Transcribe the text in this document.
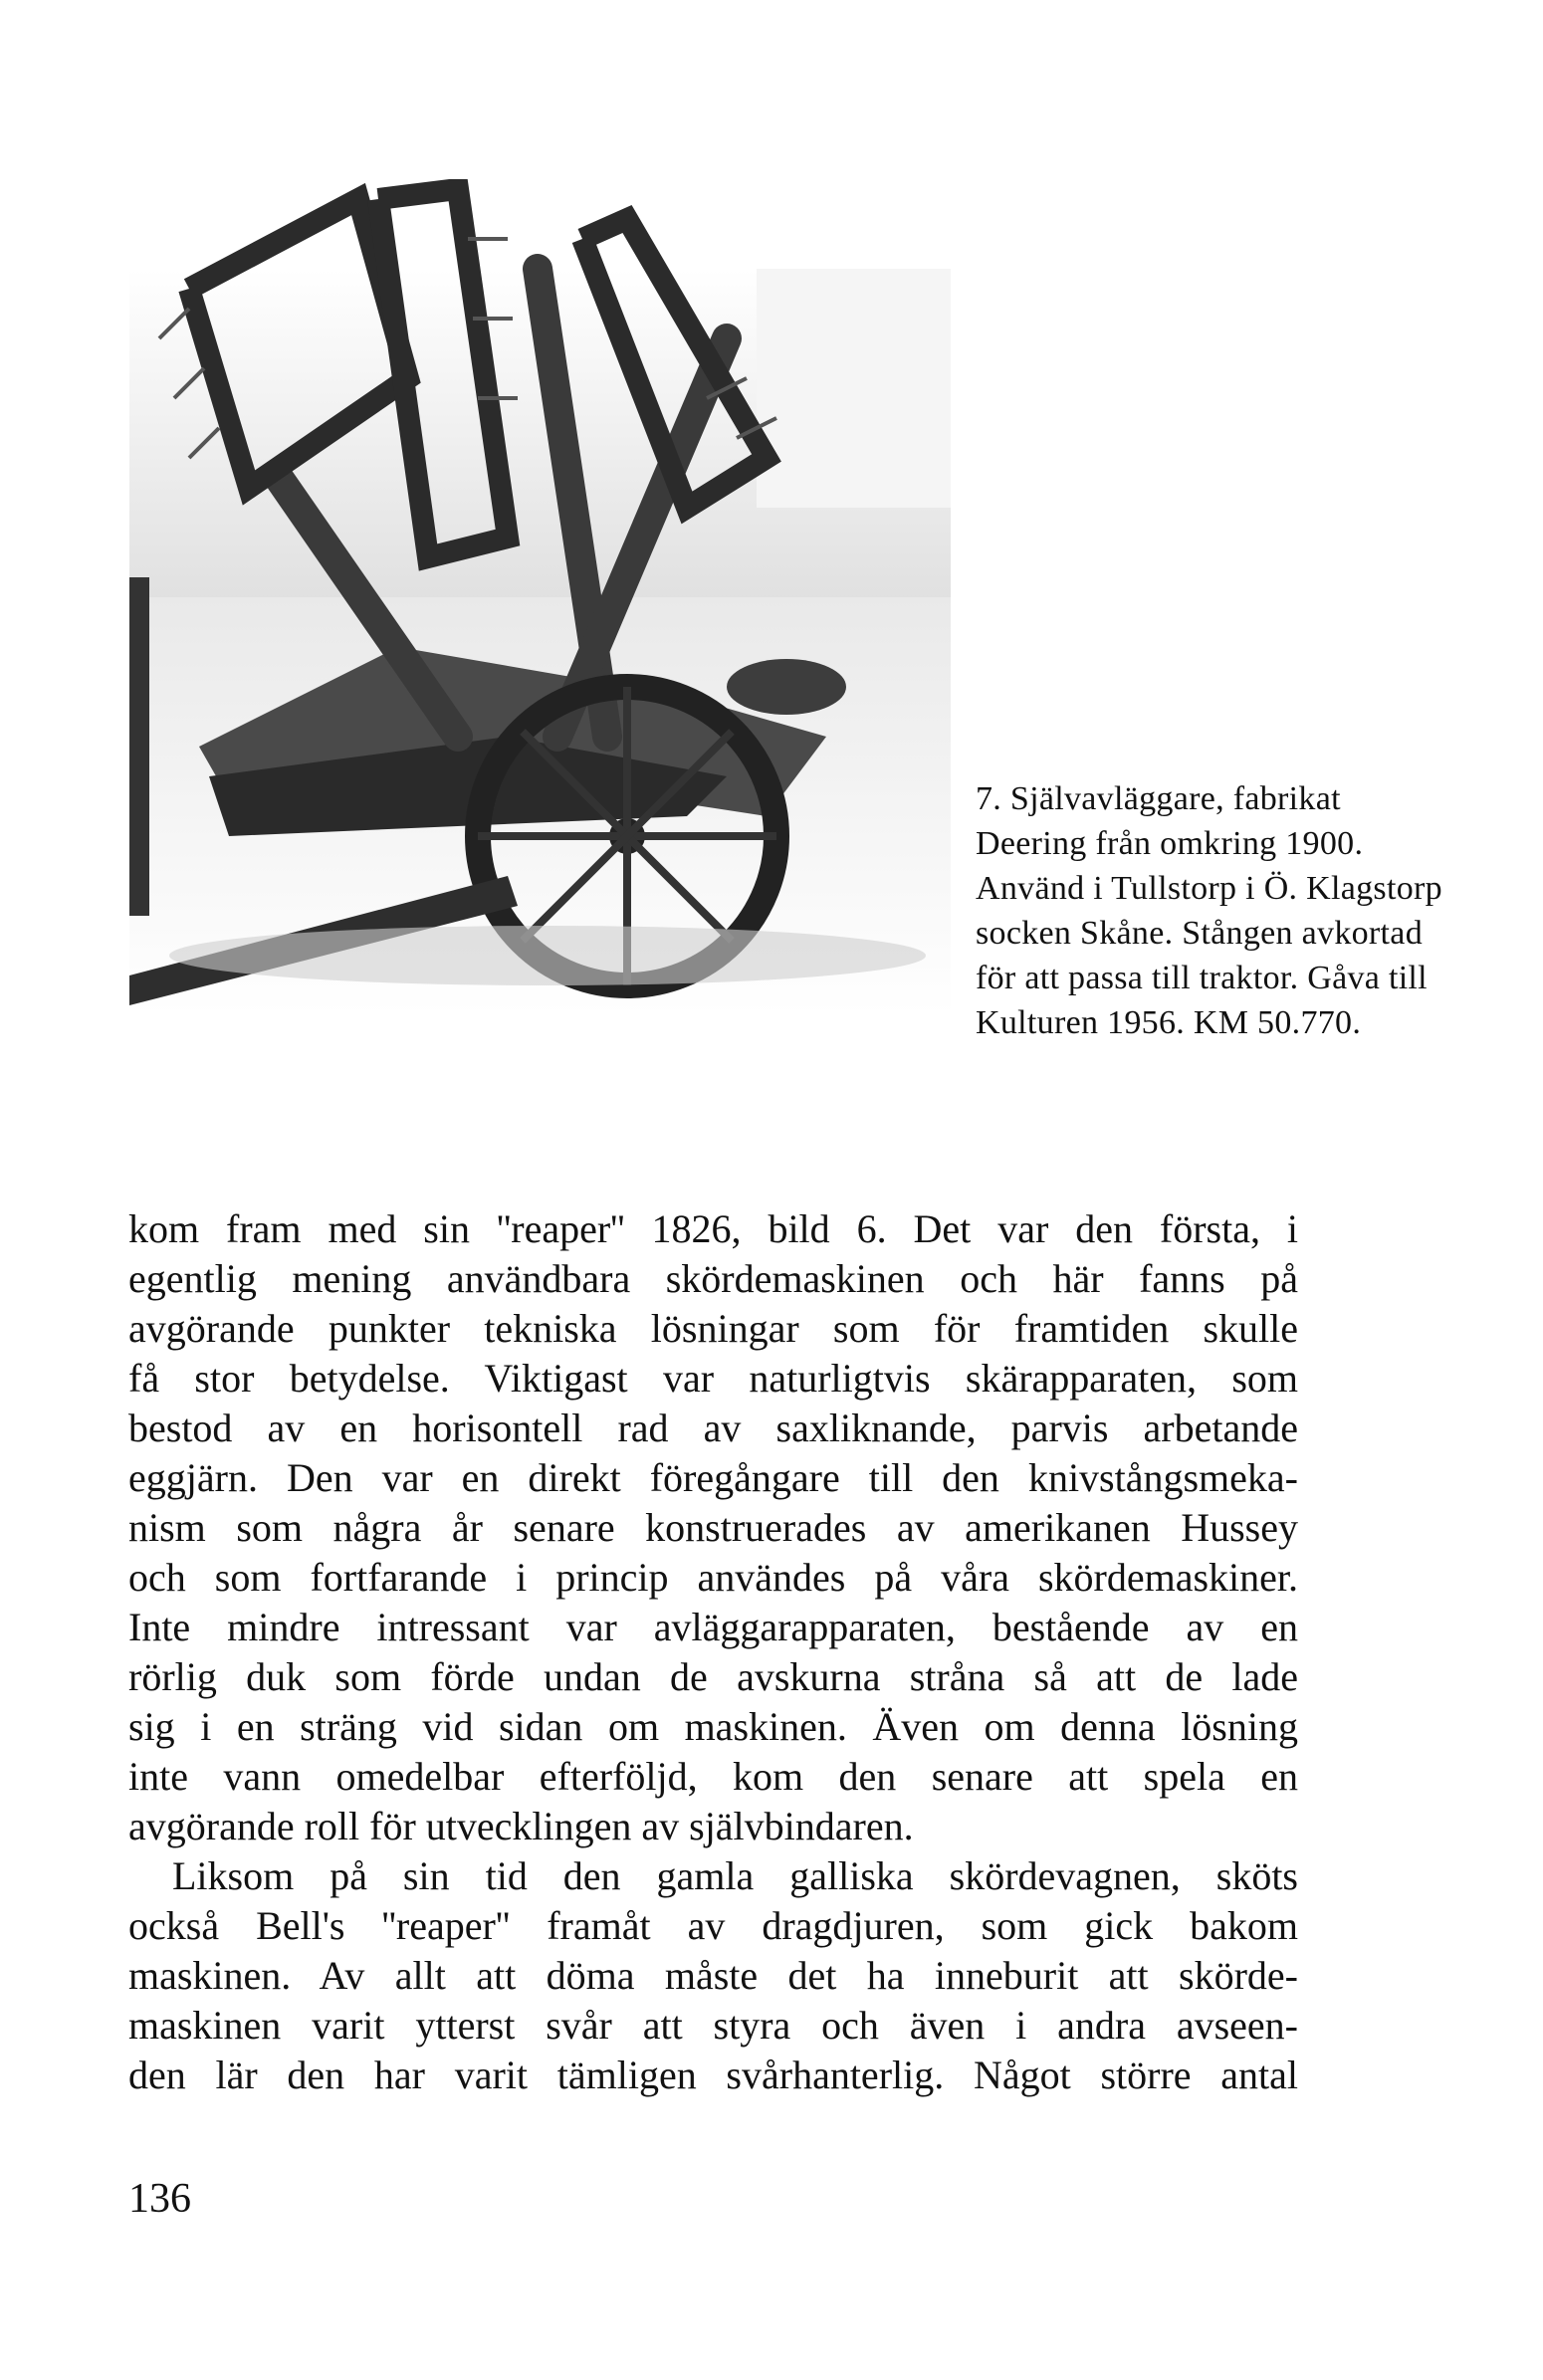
7. Självavläggare, fabrikat
Deering från omkring 1900.
Använd i Tullstorp i Ö. Klagstorp
socken Skåne. Stången avkortad
för att passa till traktor. Gåva till
Kulturen 1956. KM 50.770.
kom fram med sin ''reaper'' 1826, bild 6. Det var den första, i
egentlig mening användbara skördemaskinen och här fanns på
avgörande punkter tekniska lösningar som för framtiden skulle
få stor betydelse. Viktigast var naturligtvis skärapparaten, som
bestod av en horisontell rad av saxliknande, parvis arbetande
eggjärn. Den var en direkt föregångare till den knivstångsmeka-
nism som några år senare konstruerades av amerikanen Hussey
och som fortfarande i princip användes på våra skördemaskiner.
Inte mindre intressant var avläggarapparaten, bestående av en
rörlig duk som förde undan de avskurna stråna så att de lade
sig i en sträng vid sidan om maskinen. Även om denna lösning
inte vann omedelbar efterföljd, kom den senare att spela en
avgörande roll för utvecklingen av självbindaren.
Liksom på sin tid den gamla galliska skördevagnen, sköts
också Bell's ''reaper'' framåt av dragdjuren, som gick bakom
maskinen. Av allt att döma måste det ha inneburit att skörde-
maskinen varit ytterst svår att styra och även i andra avseen-
den lär den har varit tämligen svårhanterlig. Något större antal
136
